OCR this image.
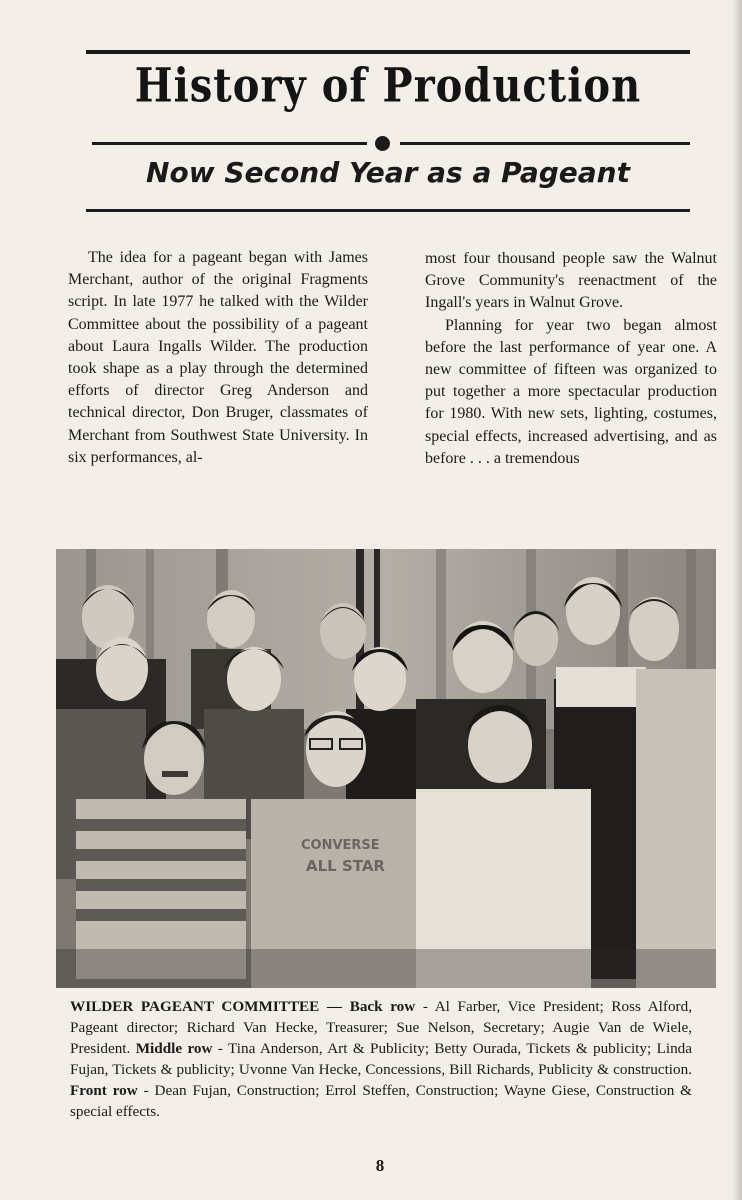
History of Production
Now Second Year as a Pageant

The idea for a pageant began with James Merchant, author of the original Fragments script. In late 1977 he talked with the Wilder Committee about the possibility of a pageant about Laura Ingalls Wilder. The production took shape as a play through the determined efforts of director Greg Anderson and technical director, Don Bruger, classmates of Merchant from Southwest State University. In six performances, al-

most four thousand people saw the Walnut Grove Community's reenactment of the Ingall's years in Walnut Grove.

Planning for year two began almost before the last performance of year one. A new committee of fifteen was organized to put together a more spectacular production for 1980. With new sets, lighting, costumes, special effects, increased advertising, and as before . . . a tremendous

CONVERSE
ALL STAR

WILDER PAGEANT COMMITTEE — Back row - Al Farber, Vice President; Ross Alford, Pageant director; Richard Van Hecke, Treasurer; Sue Nelson, Secretary; Augie Van de Wiele, President. Middle row - Tina Anderson, Art & Publicity; Betty Ourada, Tickets & publicity; Linda Fujan, Tickets & publicity; Uvonne Van Hecke, Concessions, Bill Richards, Publicity & construction. Front row - Dean Fujan, Construction; Errol Steffen, Construction; Wayne Giese, Construction & special effects.

8
